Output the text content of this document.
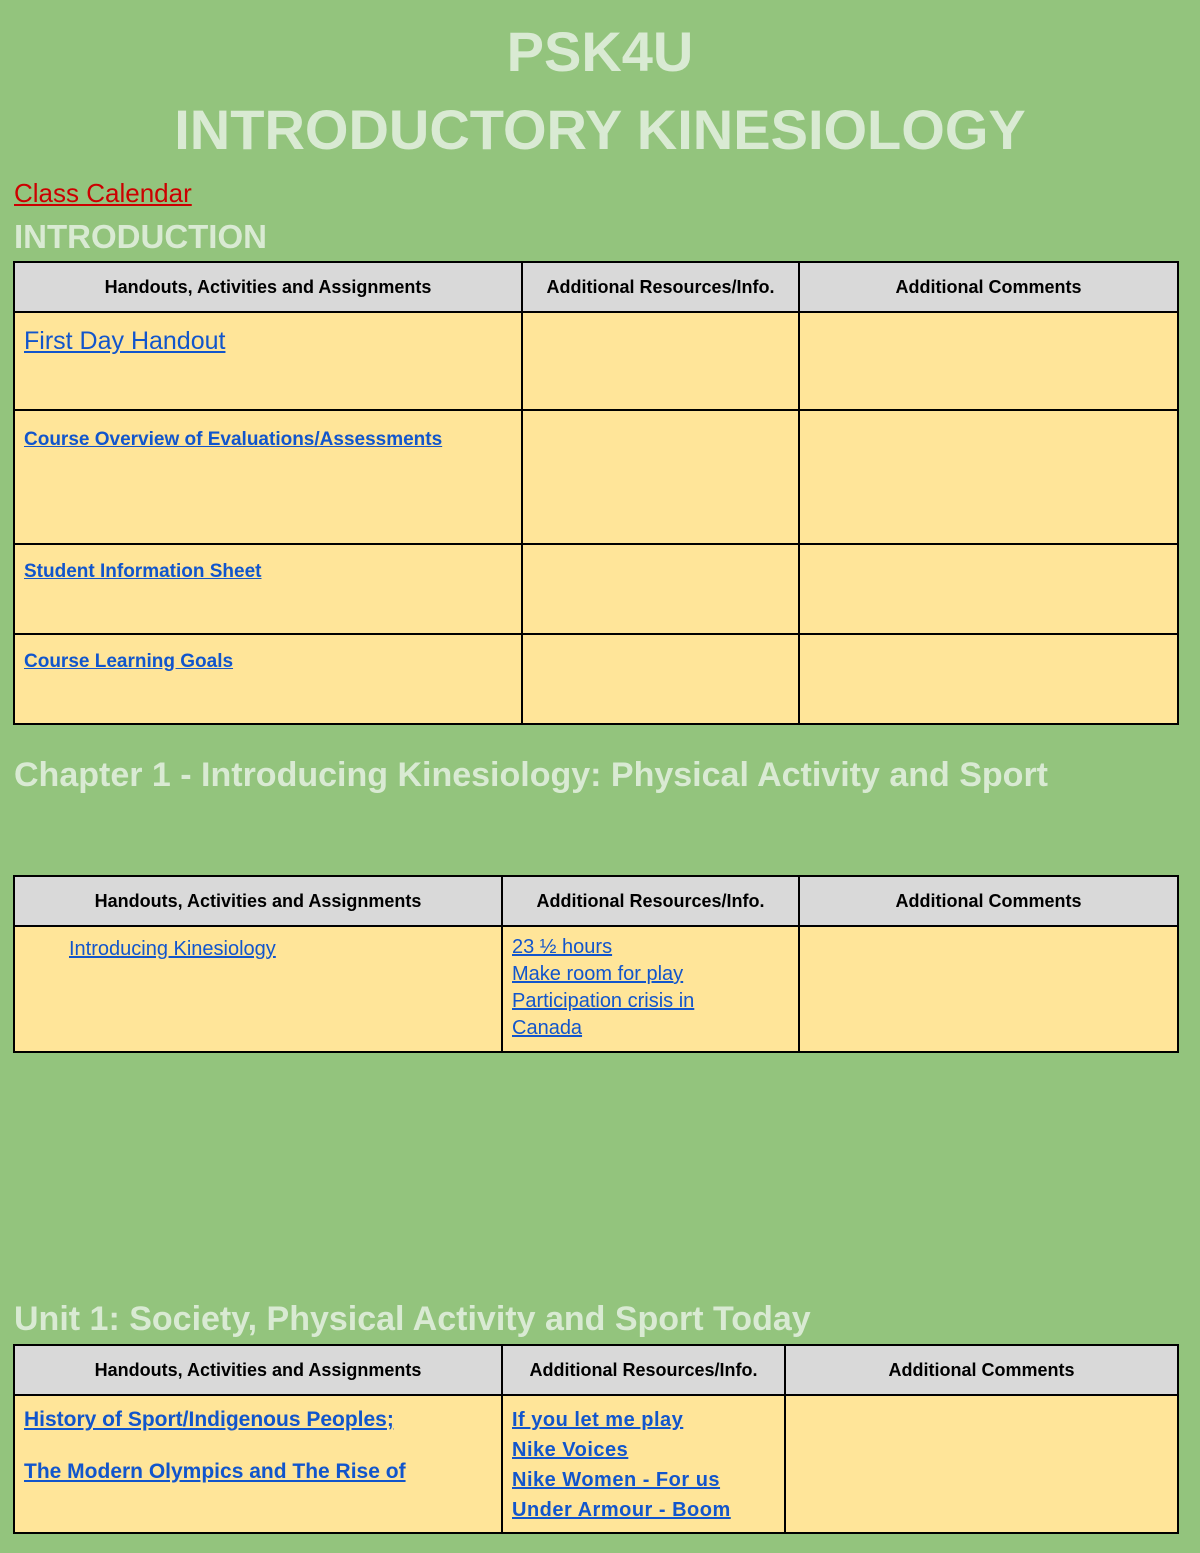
PSK4U
INTRODUCTORY KINESIOLOGY
Class Calendar
INTRODUCTION
Handouts, Activities and Assignments	Additional Resources/Info.	Additional Comments

First Day Handout		

Course Overview of Evaluations/Assessments		

Student Information Sheet		

Course Learning Goals		

Chapter 1 - Introducing Kinesiology: Physical Activity and Sport
Handouts, Activities and Assignments	Additional Resources/Info.	Additional Comments

Introducing Kinesiology	23 ½ hours
Make room for play
Participation crisis in
Canada	

Unit 1: Society, Physical Activity and Sport Today
Handouts, Activities and Assignments	Additional Resources/Info.	Additional Comments

History of Sport/Indigenous Peoples;
The Modern Olympics and The Rise of	If you let me play
Nike Voices
Nike Women - For us
Under Armour - Boom	
